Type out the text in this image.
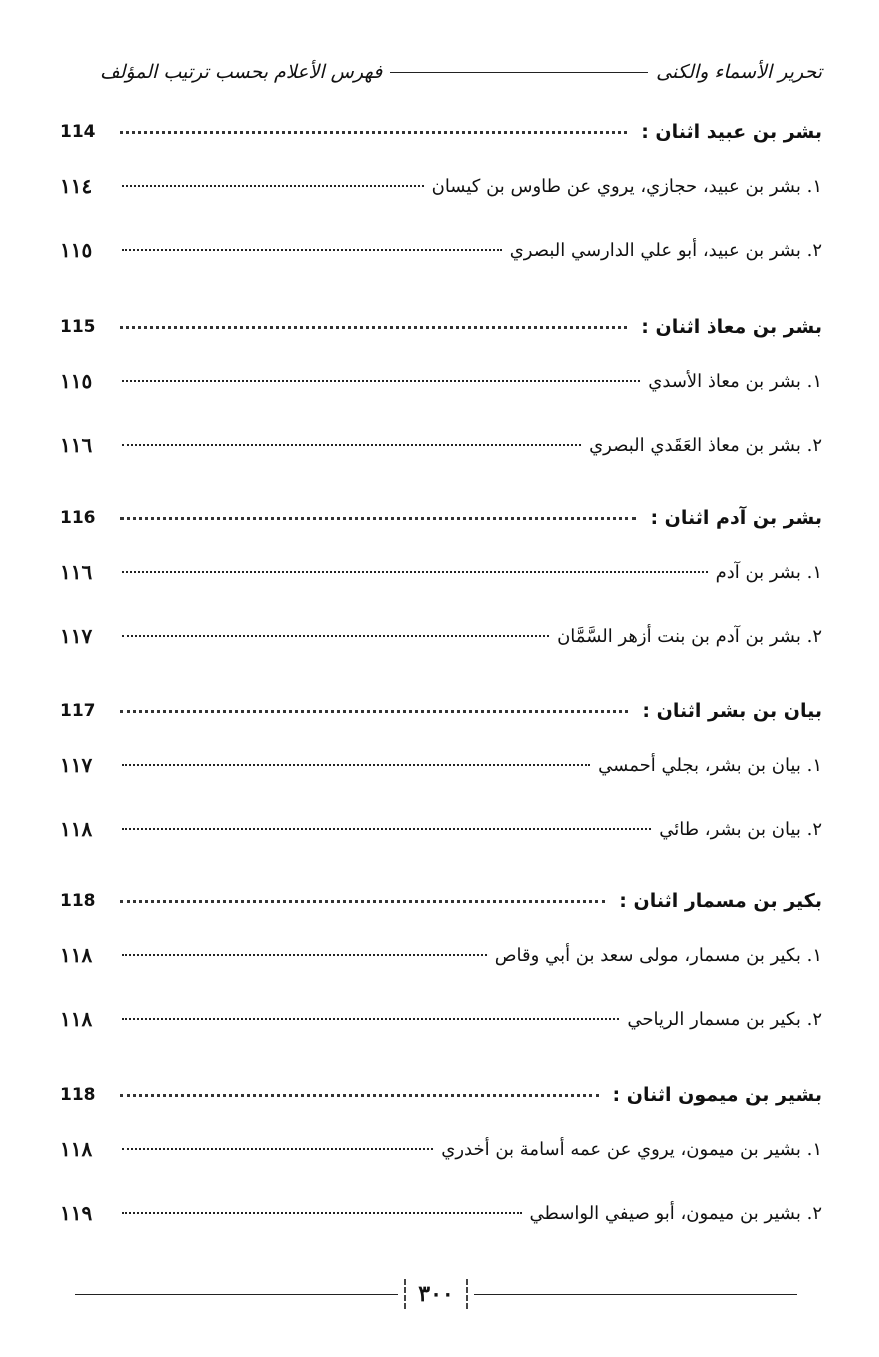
تحرير الأسماء والكنى
فهرس الأعلام بحسب ترتيب المؤلف
بشر بن عبيد اثنان :
114
١. بشر بن عبيد، حجازي، يروي عن طاوس بن كيسان
١١٤
٢. بشر بن عبيد، أبو علي الدارسي البصري
١١٥
بشر بن معاذ اثنان :
115
١. بشر بن معاذ الأسدي
١١٥
٢. بشر بن معاذ العَقَدي البصري
١١٦
بشر بن آدم اثنان :
116
١. بشر بن آدم
١١٦
٢. بشر بن آدم بن بنت أزهر السَّمَّان
١١٧
بيان بن بشر اثنان :
117
١. بيان بن بشر، بجلي أحمسي
١١٧
٢. بيان بن بشر، طائي
١١٨
بكير بن مسمار اثنان :
118
١. بكير بن مسمار، مولى سعد بن أبي وقاص
١١٨
٢. بكير بن مسمار الرياحي
١١٨
بشير بن ميمون اثنان :
118
١. بشير بن ميمون، يروي عن عمه أسامة بن أخدري
١١٨
٢. بشير بن ميمون، أبو صيفي الواسطي
١١٩
٣٠٠
